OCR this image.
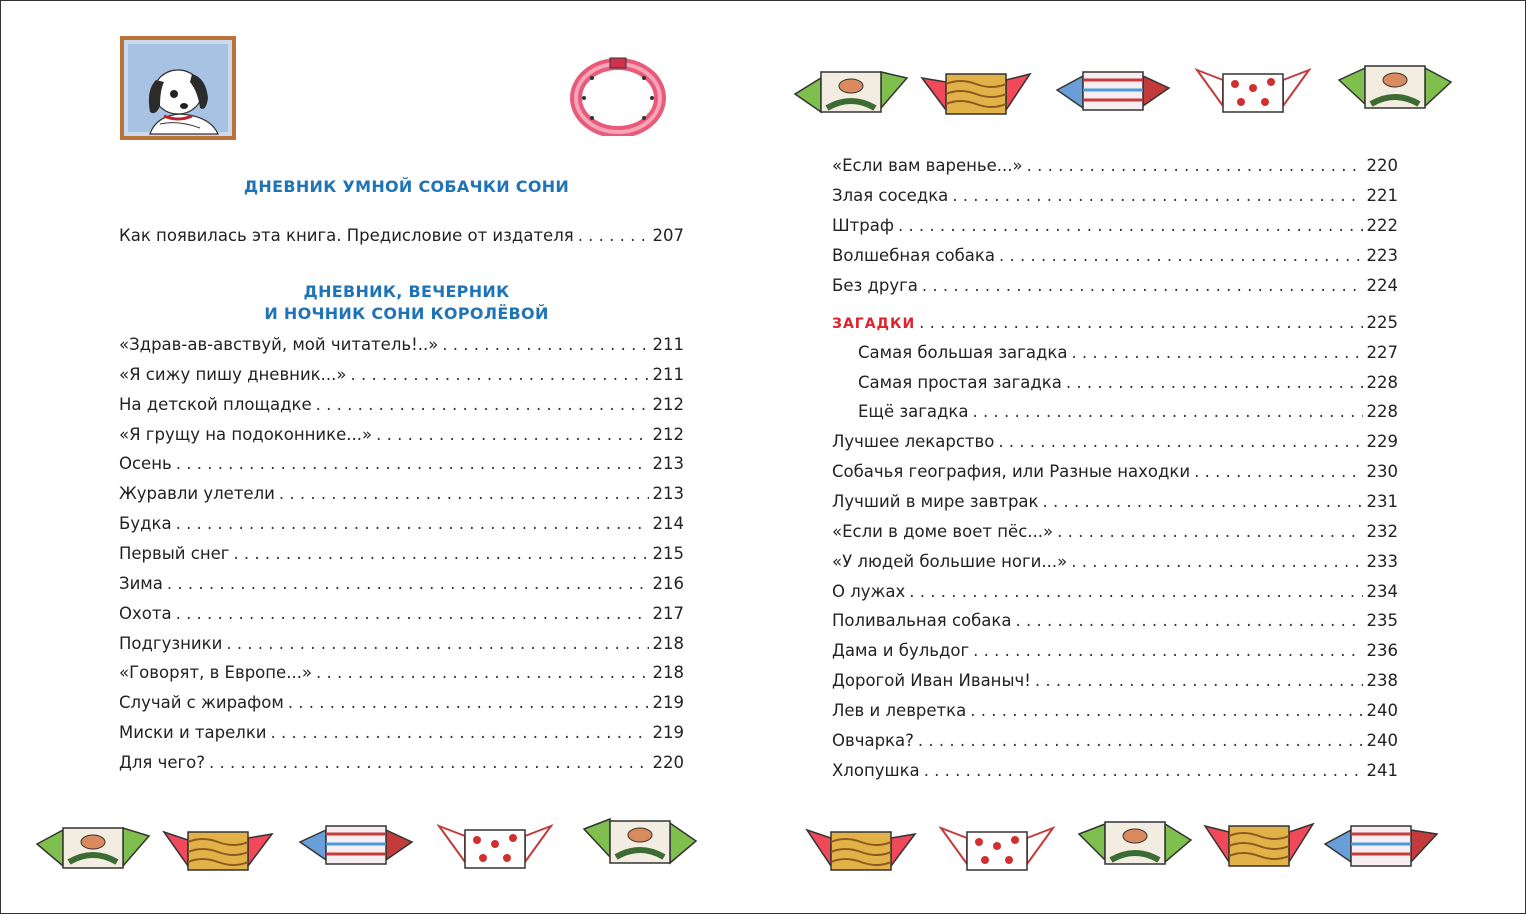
ДНЕВНИК УМНОЙ СОБАЧКИ СОНИ
Как появилась эта книга. Предисловие от издателя . . .	207
ДНЕВНИК, ВЕЧЕРНИК
И НОЧНИК СОНИ КОРОЛЁВОЙ
«Здрав-ав-авствуй, мой читатель!..» . . .	211
«Я сижу пишу дневник...» . . .	211
На детской площадке . . .	212
«Я грущу на подоконнике...» . . .	212
Осень . . .	213
Журавли улетели . . .	213
Будка . . .	214
Первый снег . . .	215
Зима . . .	216
Охота . . .	217
Подгузники . . .	218
«Говорят, в Европе...» . . .	218
Случай с жирафом . . .	219
Миски и тарелки . . .	219
Для чего? . . .	220
«Если вам варенье...» . . .	220
Злая соседка . . .	221
Штраф . . .	222
Волшебная собака . . .	223
Без друга . . .	224
ЗАГАДКИ . . .	225
Самая большая загадка . . .	227
Самая простая загадка . . .	228
Ещё загадка . . .	228
Лучшее лекарство . . .	229
Собачья география, или Разные находки . . .	230
Лучший в мире завтрак . . .	231
«Если в доме воет пёс...» . . .	232
«У людей большие ноги...» . . .	233
О лужах . . .	234
Поливальная собака . . .	235
Дама и бульдог . . .	236
Дорогой Иван Иваныч! . . .	238
Лев и левретка . . .	240
Овчарка? . . .	240
Хлопушка . . .	241
